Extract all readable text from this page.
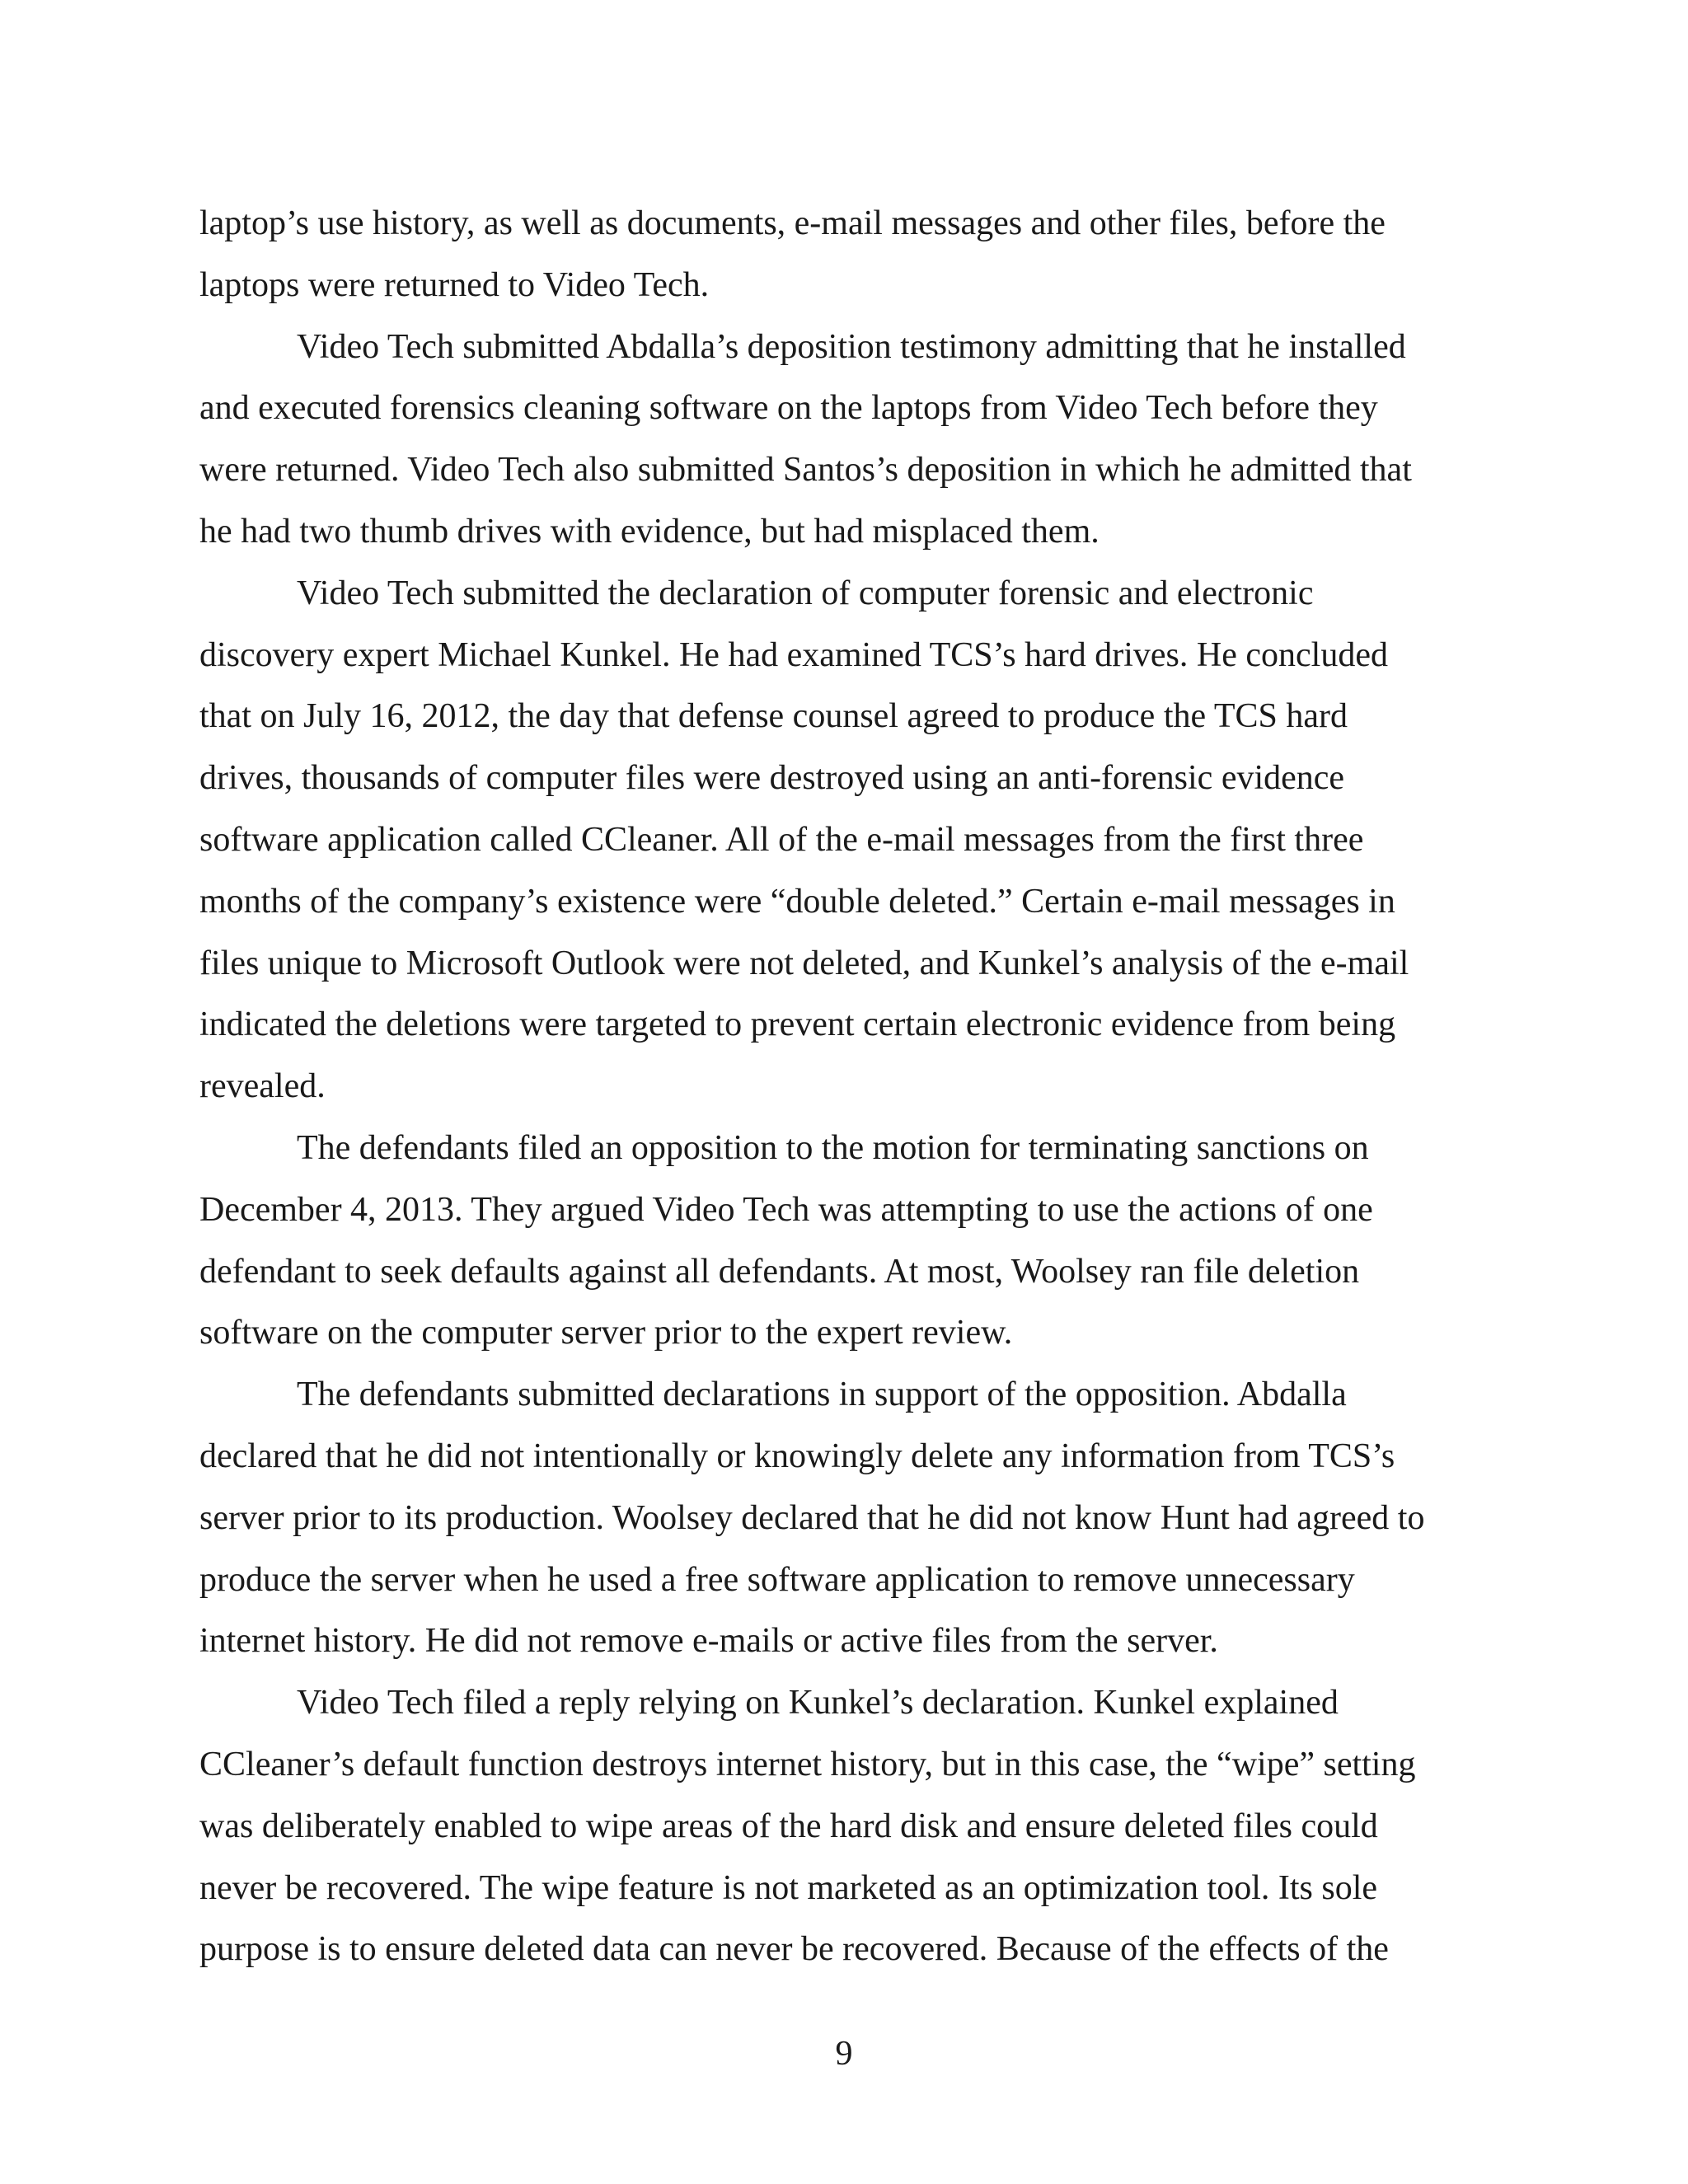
laptop’s use history, as well as documents, e-mail messages and other files, before the
laptops were returned to Video Tech.

Video Tech submitted Abdalla’s deposition testimony admitting that he installed
and executed forensics cleaning software on the laptops from Video Tech before they
were returned. Video Tech also submitted Santos’s deposition in which he admitted that
he had two thumb drives with evidence, but had misplaced them.

Video Tech submitted the declaration of computer forensic and electronic
discovery expert Michael Kunkel. He had examined TCS’s hard drives. He concluded
that on July 16, 2012, the day that defense counsel agreed to produce the TCS hard
drives, thousands of computer files were destroyed using an anti-forensic evidence
software application called CCleaner. All of the e-mail messages from the first three
months of the company’s existence were “double deleted.” Certain e-mail messages in
files unique to Microsoft Outlook were not deleted, and Kunkel’s analysis of the e-mail
indicated the deletions were targeted to prevent certain electronic evidence from being
revealed.

The defendants filed an opposition to the motion for terminating sanctions on
December 4, 2013. They argued Video Tech was attempting to use the actions of one
defendant to seek defaults against all defendants. At most, Woolsey ran file deletion
software on the computer server prior to the expert review.

The defendants submitted declarations in support of the opposition. Abdalla
declared that he did not intentionally or knowingly delete any information from TCS’s
server prior to its production. Woolsey declared that he did not know Hunt had agreed to
produce the server when he used a free software application to remove unnecessary
internet history. He did not remove e-mails or active files from the server.

Video Tech filed a reply relying on Kunkel’s declaration. Kunkel explained
CCleaner’s default function destroys internet history, but in this case, the “wipe” setting
was deliberately enabled to wipe areas of the hard disk and ensure deleted files could
never be recovered. The wipe feature is not marketed as an optimization tool. Its sole
purpose is to ensure deleted data can never be recovered. Because of the effects of the

9
